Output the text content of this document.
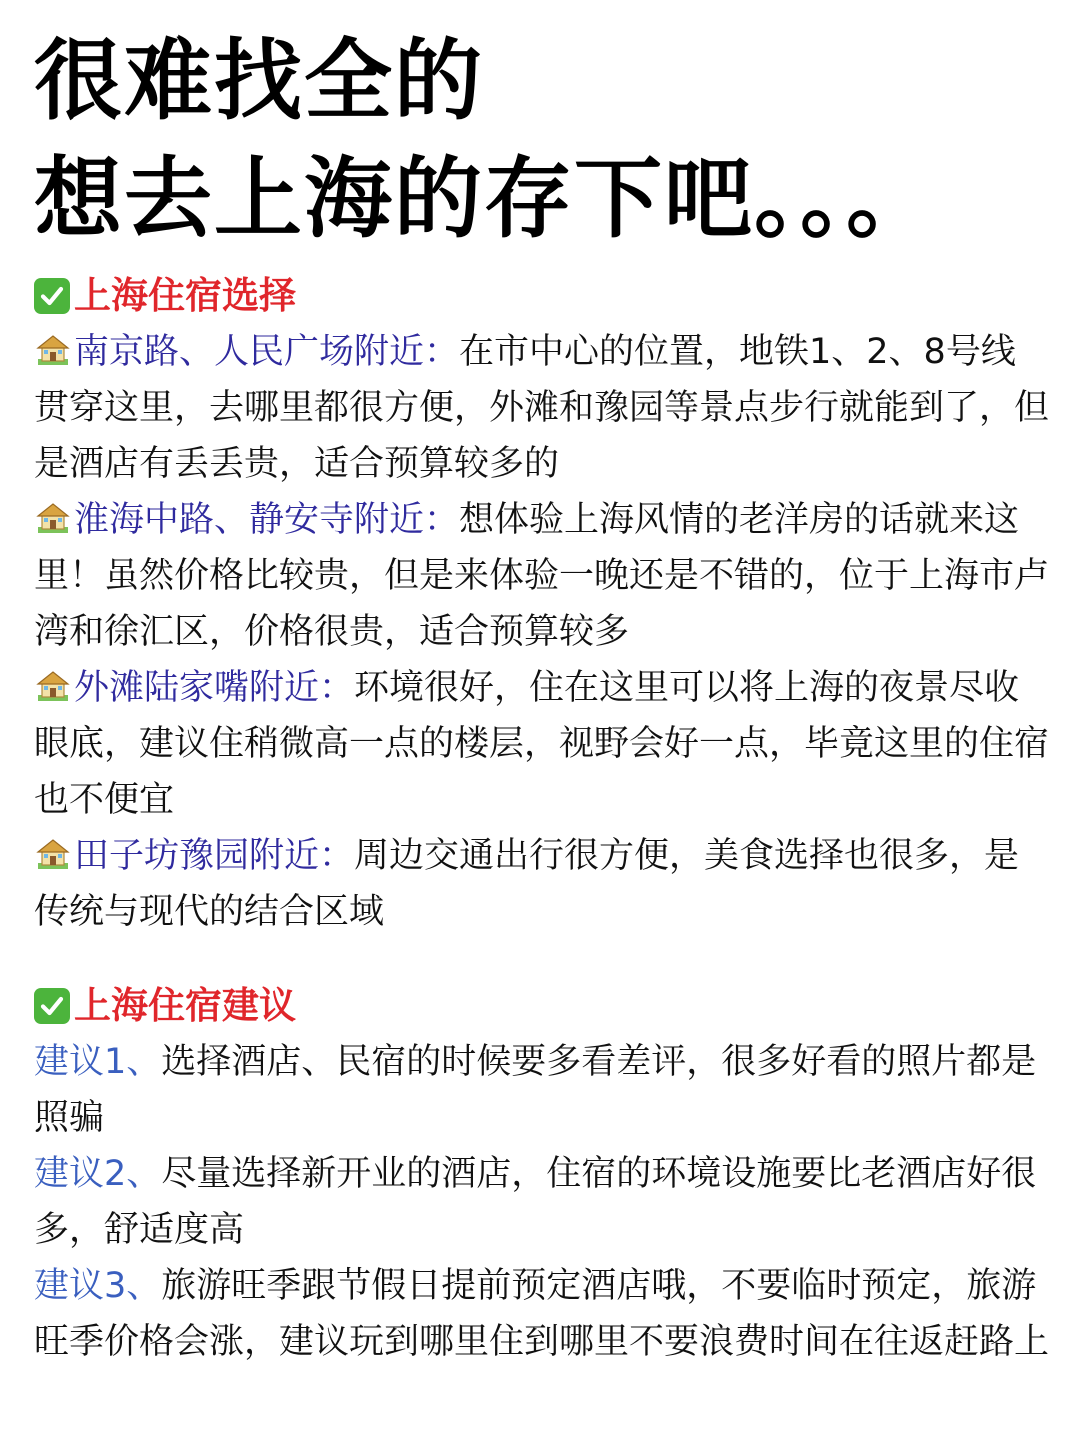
很难找全的
想去上海的存下吧。。。
上海住宿选择
南京路、人民广场附近：在市中心的位置，地铁1、2、8号线贯穿这里，去哪里都很方便，外滩和豫园等景点步行就能到了，但是酒店有丢丢贵，适合预算较多的
淮海中路、静安寺附近：想体验上海风情的老洋房的话就来这里！虽然价格比较贵，但是来体验一晚还是不错的，位于上海市卢湾和徐汇区，价格很贵，适合预算较多
外滩陆家嘴附近：环境很好，住在这里可以将上海的夜景尽收眼底，建议住稍微高一点的楼层，视野会好一点，毕竟这里的住宿也不便宜
田子坊豫园附近：周边交通出行很方便，美食选择也很多，是传统与现代的结合区域
上海住宿建议
建议1、选择酒店、民宿的时候要多看差评，很多好看的照片都是照骗
建议2、尽量选择新开业的酒店，住宿的环境设施要比老酒店好很多，舒适度高
建议3、旅游旺季跟节假日提前预定酒店哦，不要临时预定，旅游旺季价格会涨，建议玩到哪里住到哪里不要浪费时间在往返赶路上
